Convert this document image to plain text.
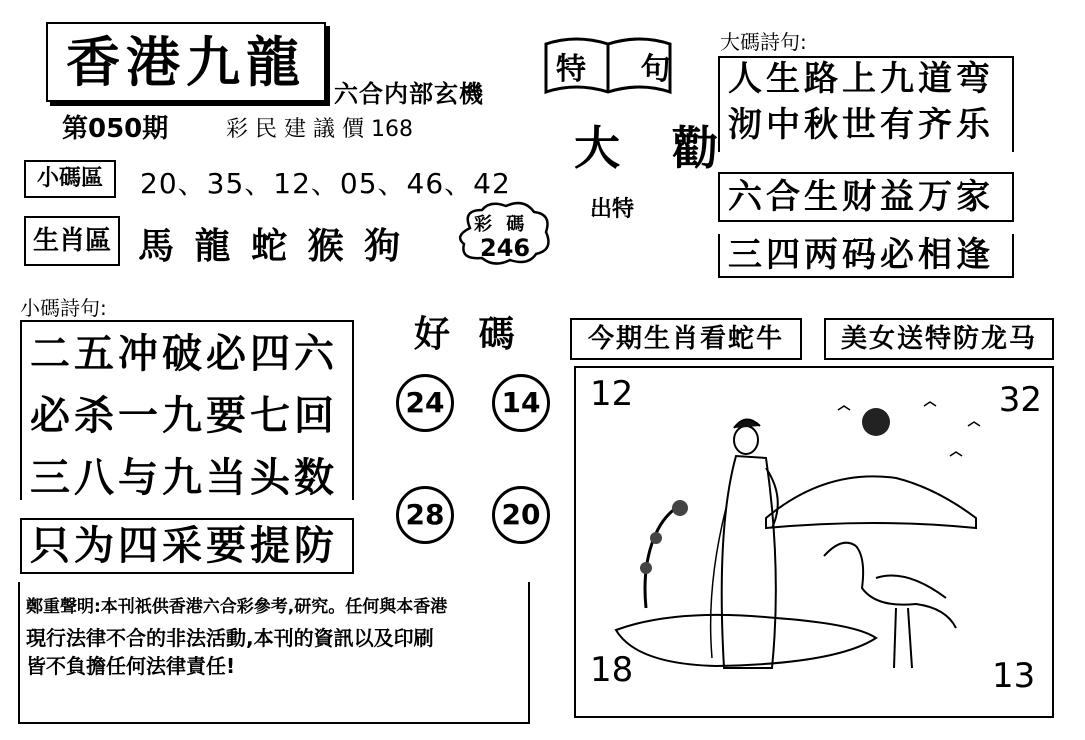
香港九龍	六合内部玄機
第050期	彩 民 建 議 價 168
小碼區	20、35、12、05、46、42
生肖區 馬 龍 蛇 猴 狗
特 句
大 勸
出特
彩 碼
246
大碼詩句:
人生路上九道弯
沏中秋世有齐乐
六合生财益万家
三四两码必相逢
小碼詩句:
二五冲破必四六
必杀一九要七回
三八与九当头数
只为四采要提防
好 碼
24	14
28	20
今期生肖看蛇牛	美女送特防龙马
12	32
18	13
鄭重聲明:本刊祇供香港六合彩參考,研究。任何與本香港
現行法律不合的非法活動,本刊的資訊以及印刷
皆不負擔任何法律責任!
